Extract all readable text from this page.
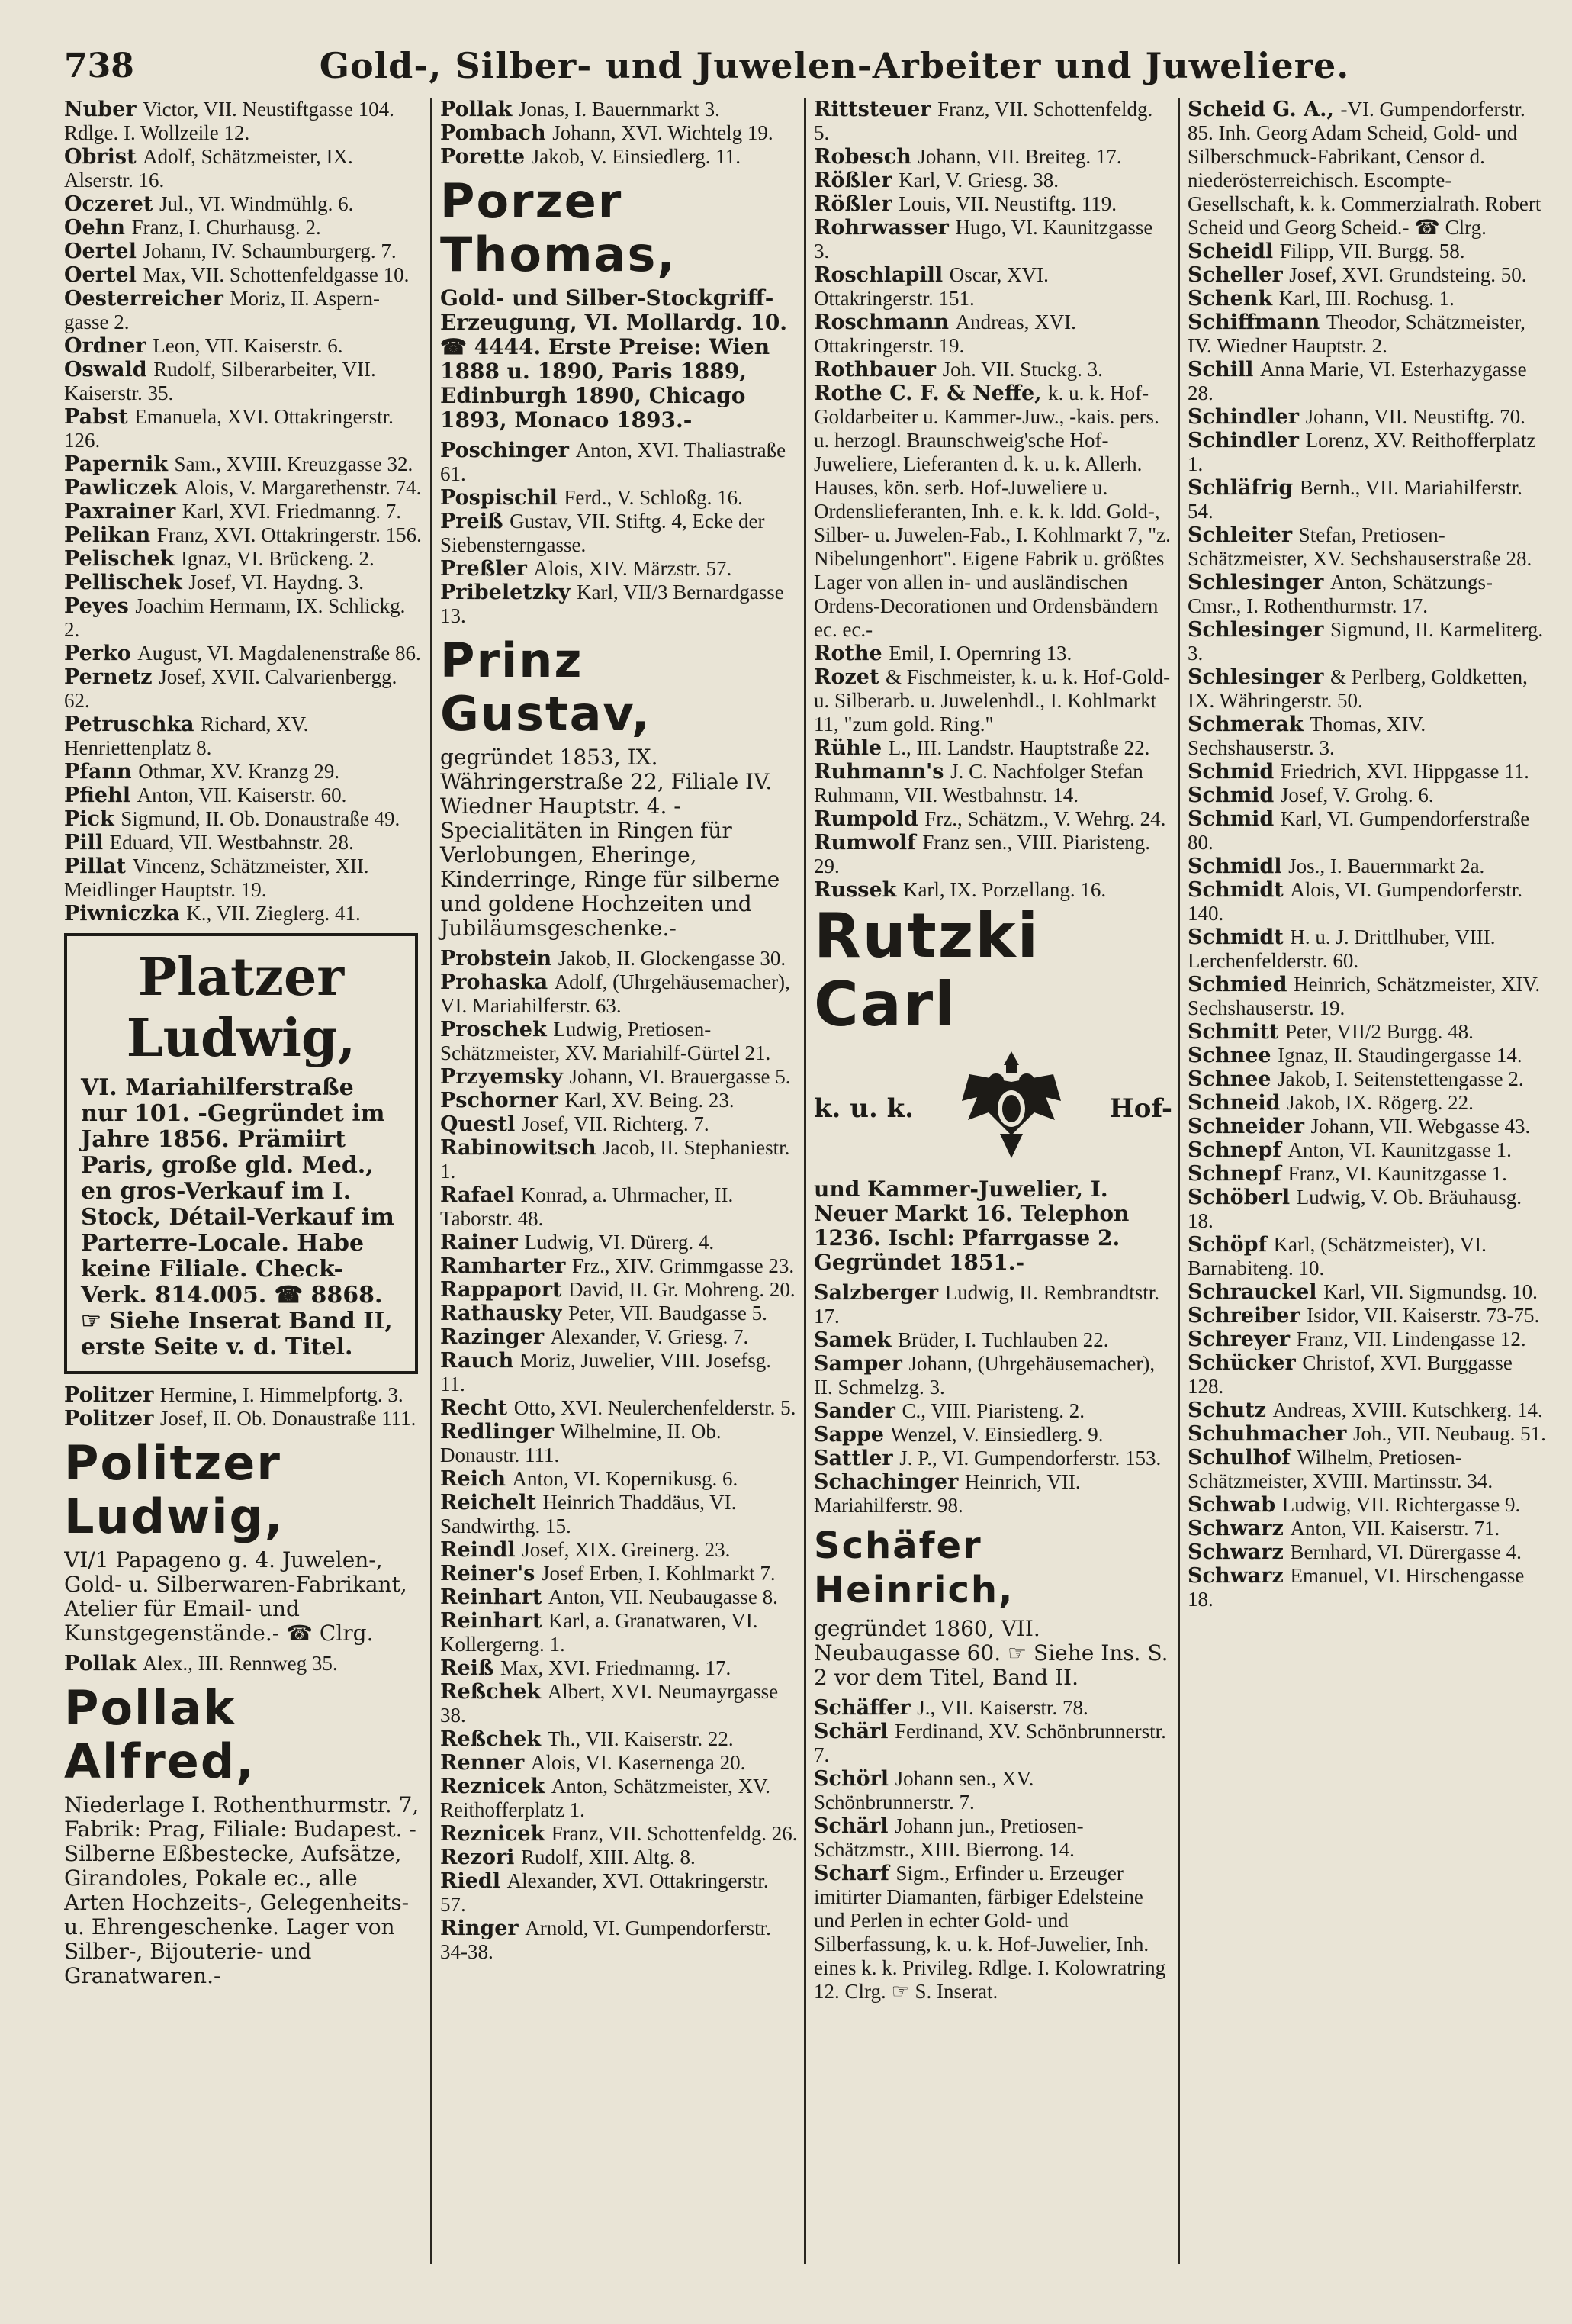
738	Gold-, Silber- und Juwelen-Arbeiter und Juweliere.

Nuber Victor, VII. Neustiftgasse 104. Rdlge. I. Wollzeile 12.

Obrist Adolf, Schätzmeister, IX. Alserstr. 16.

Oczeret Jul., VI. Windmühlg. 6.

Oehn Franz, I. Churhausg. 2.

Oertel Johann, IV. Schaumburgerg. 7.

Oertel Max, VII. Schottenfeldgasse 10.

Oesterreicher Moriz, II. Aspern-gasse 2.

Ordner Leon, VII. Kaiserstr. 6.

Oswald Rudolf, Silberarbeiter, VII. Kaiserstr. 35.

Pabst Emanuela, XVI. Ottakringerstr. 126.

Papernik Sam., XVIII. Kreuzgasse 32.

Pawliczek Alois, V. Margarethenstr. 74.

Paxrainer Karl, XVI. Friedmanng. 7.

Pelikan Franz, XVI. Ottakringerstr. 156.

Pelischek Ignaz, VI. Brückeng. 2.

Pellischek Josef, VI. Haydng. 3.

Peyes Joachim Hermann, IX. Schlickg. 2.

Perko August, VI. Magdalenenstraße 86.

Pernetz Josef, XVII. Calvarienbergg. 62.

Petruschka Richard, XV. Henriettenplatz 8.

Pfann Othmar, XV. Kranzg 29.

Pfiehl Anton, VII. Kaiserstr. 60.

Pick Sigmund, II. Ob. Donaustraße 49.

Pill Eduard, VII. Westbahnstr. 28.

Pillat Vincenz, Schätzmeister, XII. Meidlinger Hauptstr. 19.

Piwniczka K., VII. Zieglerg. 41.

Platzer Ludwig,

VI. Mariahilferstraße nur 101. -Gegründet im Jahre 1856. Prämiirt Paris, große gld. Med., en gros-Verkauf im I. Stock, Détail-Verkauf im Parterre-Locale. Habe keine Filiale. Check-Verk. 814.005. ☎ 8868. ☞ Siehe Inserat Band II, erste Seite v. d. Titel.

Politzer Hermine, I. Himmelpfortg. 3.

Politzer Josef, II. Ob. Donaustraße 111.

Politzer Ludwig,

VI/1 Papageno g. 4. Juwelen-, Gold- u. Silberwaren-Fabrikant, Atelier für Email- und Kunstgegenstände.- ☎ Clrg.

Pollak Alex., III. Rennweg 35.

Pollak Alfred,

Niederlage I. Rothenthurmstr. 7, Fabrik: Prag, Filiale: Budapest. -Silberne Eßbestecke, Aufsätze, Girandoles, Pokale ec., alle Arten Hochzeits-, Gelegenheits- u. Ehrengeschenke. Lager von Silber-, Bijouterie- und Granatwaren.-

Pollak Jonas, I. Bauernmarkt 3.

Pombach Johann, XVI. Wichtelg 19.

Porette Jakob, V. Einsiedlerg. 11.

Porzer Thomas,

Gold- und Silber-Stockgriff-Erzeugung, VI. Mollardg. 10. ☎ 4444. Erste Preise: Wien 1888 u. 1890, Paris 1889, Edinburgh 1890, Chicago 1893, Monaco 1893.-

Poschinger Anton, XVI. Thaliastraße 61.

Pospischil Ferd., V. Schloßg. 16.

Preiß Gustav, VII. Stiftg. 4, Ecke der Siebensterngasse.

Preßler Alois, XIV. Märzstr. 57.

Pribeletzky Karl, VII/3 Bernardgasse 13.

Prinz Gustav,

gegründet 1853, IX. Währingerstraße 22, Filiale IV. Wiedner Hauptstr. 4. -Specialitäten in Ringen für Verlobungen, Eheringe, Kinderringe, Ringe für silberne und goldene Hochzeiten und Jubiläumsgeschenke.-

Probstein Jakob, II. Glockengasse 30.

Prohaska Adolf, (Uhrgehäusemacher), VI. Mariahilferstr. 63.

Proschek Ludwig, Pretiosen-Schätzmeister, XV. Mariahilf-Gürtel 21.

Przyemsky Johann, VI. Brauergasse 5.

Pschorner Karl, XV. Being. 23.

Questl Josef, VII. Richterg. 7.

Rabinowitsch Jacob, II. Stephaniestr. 1.

Rafael Konrad, a. Uhrmacher, II. Taborstr. 48.

Rainer Ludwig, VI. Dürerg. 4.

Ramharter Frz., XIV. Grimmgasse 23.

Rappaport David, II. Gr. Mohreng. 20.

Rathausky Peter, VII. Baudgasse 5.

Razinger Alexander, V. Griesg. 7.

Rauch Moriz, Juwelier, VIII. Josefsg. 11.

Recht Otto, XVI. Neulerchenfelderstr. 5.

Redlinger Wilhelmine, II. Ob. Donaustr. 111.

Reich Anton, VI. Kopernikusg. 6.

Reichelt Heinrich Thaddäus, VI. Sandwirthg. 15.

Reindl Josef, XIX. Greinerg. 23.

Reiner's Josef Erben, I. Kohlmarkt 7.

Reinhart Anton, VII. Neubaugasse 8.

Reinhart Karl, a. Granatwaren, VI. Kollergerng. 1.

Reiß Max, XVI. Friedmanng. 17.

Reßchek Albert, XVI. Neumayrgasse 38.

Reßchek Th., VII. Kaiserstr. 22.

Renner Alois, VI. Kasernenga 20.

Reznicek Anton, Schätzmeister, XV. Reithofferplatz 1.

Reznicek Franz, VII. Schottenfeldg. 26.

Rezori Rudolf, XIII. Altg. 8.

Riedl Alexander, XVI. Ottakringerstr. 57.

Ringer Arnold, VI. Gumpendorferstr. 34-38.

Rittsteuer Franz, VII. Schottenfeldg. 5.

Robesch Johann, VII. Breiteg. 17.

Rößler Karl, V. Griesg. 38.

Rößler Louis, VII. Neustiftg. 119.

Rohrwasser Hugo, VI. Kaunitzgasse 3.

Roschlapill Oscar, XVI. Ottakringerstr. 151.

Roschmann Andreas, XVI. Ottakringerstr. 19.

Rothbauer Joh. VII. Stuckg. 3.

Rothe C. F. & Neffe, k. u. k. Hof-Goldarbeiter u. Kammer-Juw., -kais. pers. u. herzogl. Braunschweig'sche Hof-Juweliere, Lieferanten d. k. u. k. Allerh. Hauses, kön. serb. Hof-Juweliere u. Ordenslieferanten, Inh. e. k. k. ldd. Gold-, Silber- u. Juwelen-Fab., I. Kohlmarkt 7, "z. Nibelungenhort". Eigene Fabrik u. größtes Lager von allen in- und ausländischen Ordens-Decorationen und Ordensbändern ec. ec.-

Rothe Emil, I. Opernring 13.

Rozet & Fischmeister, k. u. k. Hof-Gold- u. Silberarb. u. Juwelenhdl., I. Kohlmarkt 11, "zum gold. Ring."

Rühle L., III. Landstr. Hauptstraße 22.

Ruhmann's J. C. Nachfolger Stefan Ruhmann, VII. Westbahnstr. 14.

Rumpold Frz., Schätzm., V. Wehrg. 24.

Rumwolf Franz sen., VIII. Piaristeng. 29.

Russek Karl, IX. Porzellang. 16.

Rutzki Carl
k. u. k.	Hof-

und Kammer-Juwelier, I. Neuer Markt 16. Telephon 1236. Ischl: Pfarrgasse 2. Gegründet 1851.-

Salzberger Ludwig, II. Rembrandtstr. 17.

Samek Brüder, I. Tuchlauben 22.

Samper Johann, (Uhrgehäusemacher), II. Schmelzg. 3.

Sander C., VIII. Piaristeng. 2.

Sappe Wenzel, V. Einsiedlerg. 9.

Sattler J. P., VI. Gumpendorferstr. 153.

Schachinger Heinrich, VII. Mariahilferstr. 98.

Schäfer Heinrich,

gegründet 1860, VII. Neubaugasse 60. ☞ Siehe Ins. S. 2 vor dem Titel, Band II.

Schäffer J., VII. Kaiserstr. 78.

Schärl Ferdinand, XV. Schönbrunnerstr. 7.

Schörl Johann sen., XV. Schönbrunnerstr. 7.

Schärl Johann jun., Pretiosen-Schätzmstr., XIII. Bierrong. 14.

Scharf Sigm., Erfinder u. Erzeuger imitirter Diamanten, färbiger Edelsteine und Perlen in echter Gold- und Silberfassung, k. u. k. Hof-Juwelier, Inh. eines k. k. Privileg. Rdlge. I. Kolowratring 12. Clrg. ☞ S. Inserat.

Scheid G. A., -VI. Gumpendorferstr. 85. Inh. Georg Adam Scheid, Gold- und Silberschmuck-Fabrikant, Censor d. niederösterreichisch. Escompte-Gesellschaft, k. k. Commerzialrath. Robert Scheid und Georg Scheid.- ☎ Clrg.

Scheidl Filipp, VII. Burgg. 58.

Scheller Josef, XVI. Grundsteing. 50.

Schenk Karl, III. Rochusg. 1.

Schiffmann Theodor, Schätzmeister, IV. Wiedner Hauptstr. 2.

Schill Anna Marie, VI. Esterhazygasse 28.

Schindler Johann, VII. Neustiftg. 70.

Schindler Lorenz, XV. Reithofferplatz 1.

Schläfrig Bernh., VII. Mariahilferstr. 54.

Schleiter Stefan, Pretiosen-Schätzmeister, XV. Sechshauserstraße 28.

Schlesinger Anton, Schätzungs-Cmsr., I. Rothenthurmstr. 17.

Schlesinger Sigmund, II. Karmeliterg. 3.

Schlesinger & Perlberg, Goldketten, IX. Währingerstr. 50.

Schmerak Thomas, XIV. Sechshauserstr. 3.

Schmid Friedrich, XVI. Hippgasse 11.

Schmid Josef, V. Grohg. 6.

Schmid Karl, VI. Gumpendorferstraße 80.

Schmidl Jos., I. Bauernmarkt 2a.

Schmidt Alois, VI. Gumpendorferstr. 140.

Schmidt H. u. J. Drittlhuber, VIII. Lerchenfelderstr. 60.

Schmied Heinrich, Schätzmeister, XIV. Sechshauserstr. 19.

Schmitt Peter, VII/2 Burgg. 48.

Schnee Ignaz, II. Staudingergasse 14.

Schnee Jakob, I. Seitenstettengasse 2.

Schneid Jakob, IX. Rögerg. 22.

Schneider Johann, VII. Webgasse 43.

Schnepf Anton, VI. Kaunitzgasse 1.

Schnepf Franz, VI. Kaunitzgasse 1.

Schöberl Ludwig, V. Ob. Bräuhausg. 18.

Schöpf Karl, (Schätzmeister), VI. Barnabiteng. 10.

Schrauckel Karl, VII. Sigmundsg. 10.

Schreiber Isidor, VII. Kaiserstr. 73-75.

Schreyer Franz, VII. Lindengasse 12.

Schücker Christof, XVI. Burggasse 128.

Schutz Andreas, XVIII. Kutschkerg. 14.

Schuhmacher Joh., VII. Neubaug. 51.

Schulhof Wilhelm, Pretiosen-Schätzmeister, XVIII. Martinsstr. 34.

Schwab Ludwig, VII. Richtergasse 9.

Schwarz Anton, VII. Kaiserstr. 71.

Schwarz Bernhard, VI. Dürergasse 4.

Schwarz Emanuel, VI. Hirschengasse 18.
